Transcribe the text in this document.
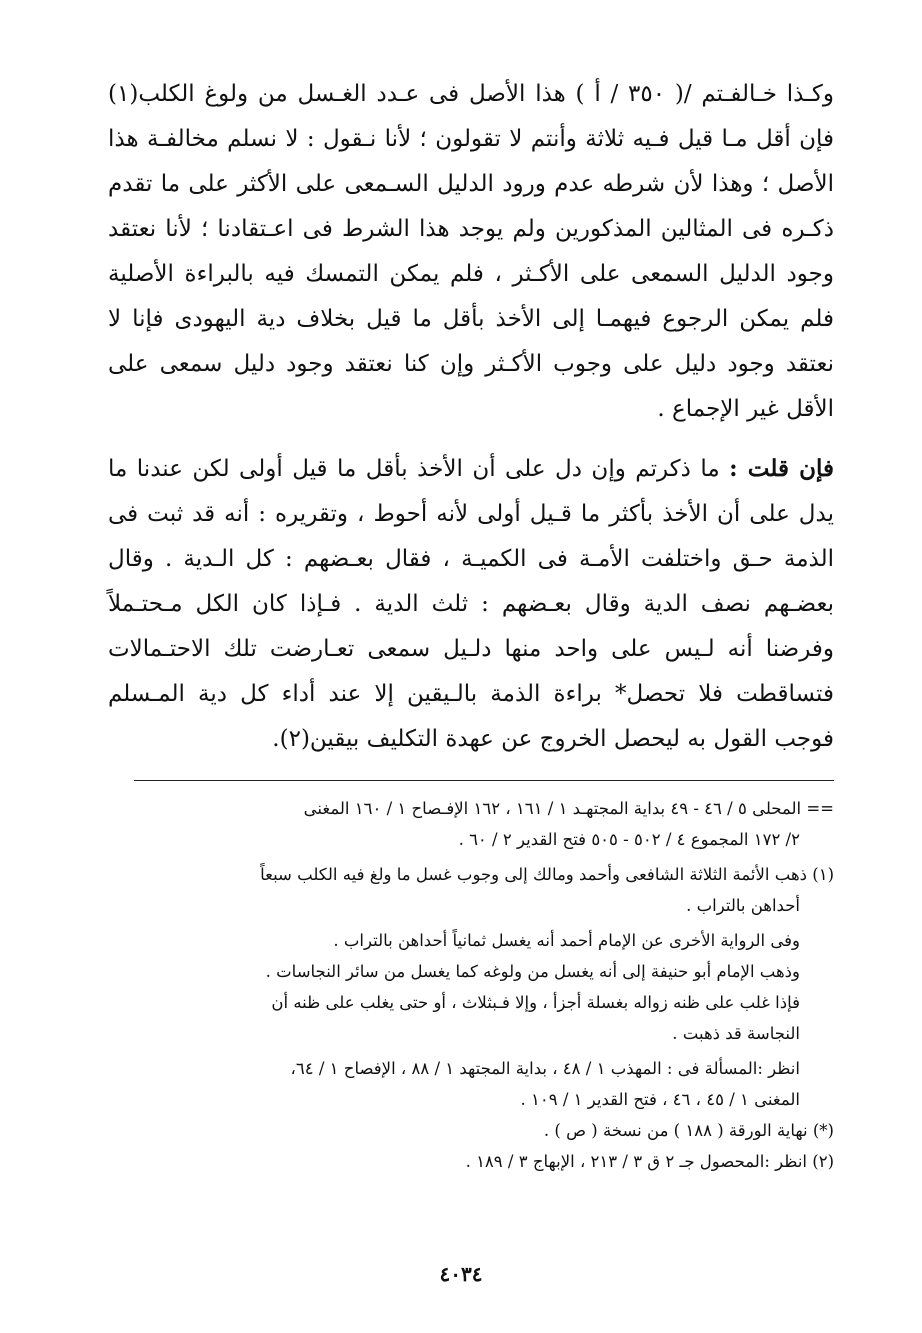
وكـذا خـالفـتم /( ٣٥٠ / أ ) هذا الأصل فى عـدد الغـسل من ولوغ الكلب(١) فإن أقل مـا قيل فـيه ثلاثة وأنتم لا تقولون ؛ لأنا نـقول : لا نسلم مخالفـة هذا الأصل ؛ وهذا لأن شرطه عدم ورود الدليل السـمعى على الأكثر على ما تقدم ذكـره فى المثالين المذكورين ولم يوجد هذا الشرط فى اعـتقادنا ؛ لأنا نعتقد وجود الدليل السمعى على الأكـثر ، فلم يمكن التمسك فيه بالبراءة الأصلية فلم يمكن الرجوع فيهمـا إلى الأخذ بأقل ما قيل بخلاف دية اليهودى فإنا لا نعتقد وجود دليل على وجوب الأكـثر وإن كنا نعتقد وجود دليل سمعى على الأقل غير الإجماع .

فإن قلت : ما ذكرتم وإن دل على أن الأخذ بأقل ما قيل أولى لكن عندنا ما يدل على أن الأخذ بأكثر ما قـيل أولى لأنه أحوط ، وتقريره : أنه قد ثبت فى الذمة حـق واختلفت الأمـة فى الكميـة ، فقال بعـضهم : كل الـدية . وقال بعضـهم نصف الدية وقال بعـضهم : ثلث الدية . فـإذا كان الكل مـحتـملاً وفرضنا أنه لـيس على واحد منها دلـيل سمعى تعـارضت تلك الاحتـمالات فتساقطت فلا تحصل* براءة الذمة بالـيقين إلا عند أداء كل دية المـسلم فوجب القول به ليحصل الخروج عن عهدة التكليف بيقين(٢).

== المحلى ٥ / ٤٦ - ٤٩ بداية المجتهـد ١ / ١٦١ ، ١٦٢ الإفـصاح ١ / ١٦٠ المغنى
٢/ ١٧٢ المجموع ٤ / ٥٠٢ - ٥٠٥ فتح القدير ٢ / ٦٠ .
(١) ذهب الأئمة الثلاثة الشافعى وأحمد ومالك إلى وجوب غسل ما ولغ فيه الكلب سبعاً
أحداهن بالتراب .
وفى الرواية الأخرى عن الإمام أحمد أنه يغسل ثمانياً أحداهن بالتراب .
وذهب الإمام أبو حنيفة إلى أنه يغسل من ولوغه كما يغسل من سائر النجاسات .
فإذا غلب على ظنه زواله بغسلة أجزأ ، وإلا فـبثلاث ، أو حتى يغلب على ظنه أن
النجاسة قد ذهبت .
انظر :المسألة فى : المهذب ١ / ٤٨ ، بداية المجتهد ١ / ٨٨ ، الإفصاح ١ / ٦٤،
المغنى ١ / ٤٥ ، ٤٦ ، فتح القدير ١ / ١٠٩ .
(*) نهاية الورقة ( ١٨٨ ) من نسخة ( ص ) .
(٢) انظر :المحصول جـ ٢ ق ٣ / ٢١٣ ، الإبهاج ٣ / ١٨٩ .
٤٠٣٤
